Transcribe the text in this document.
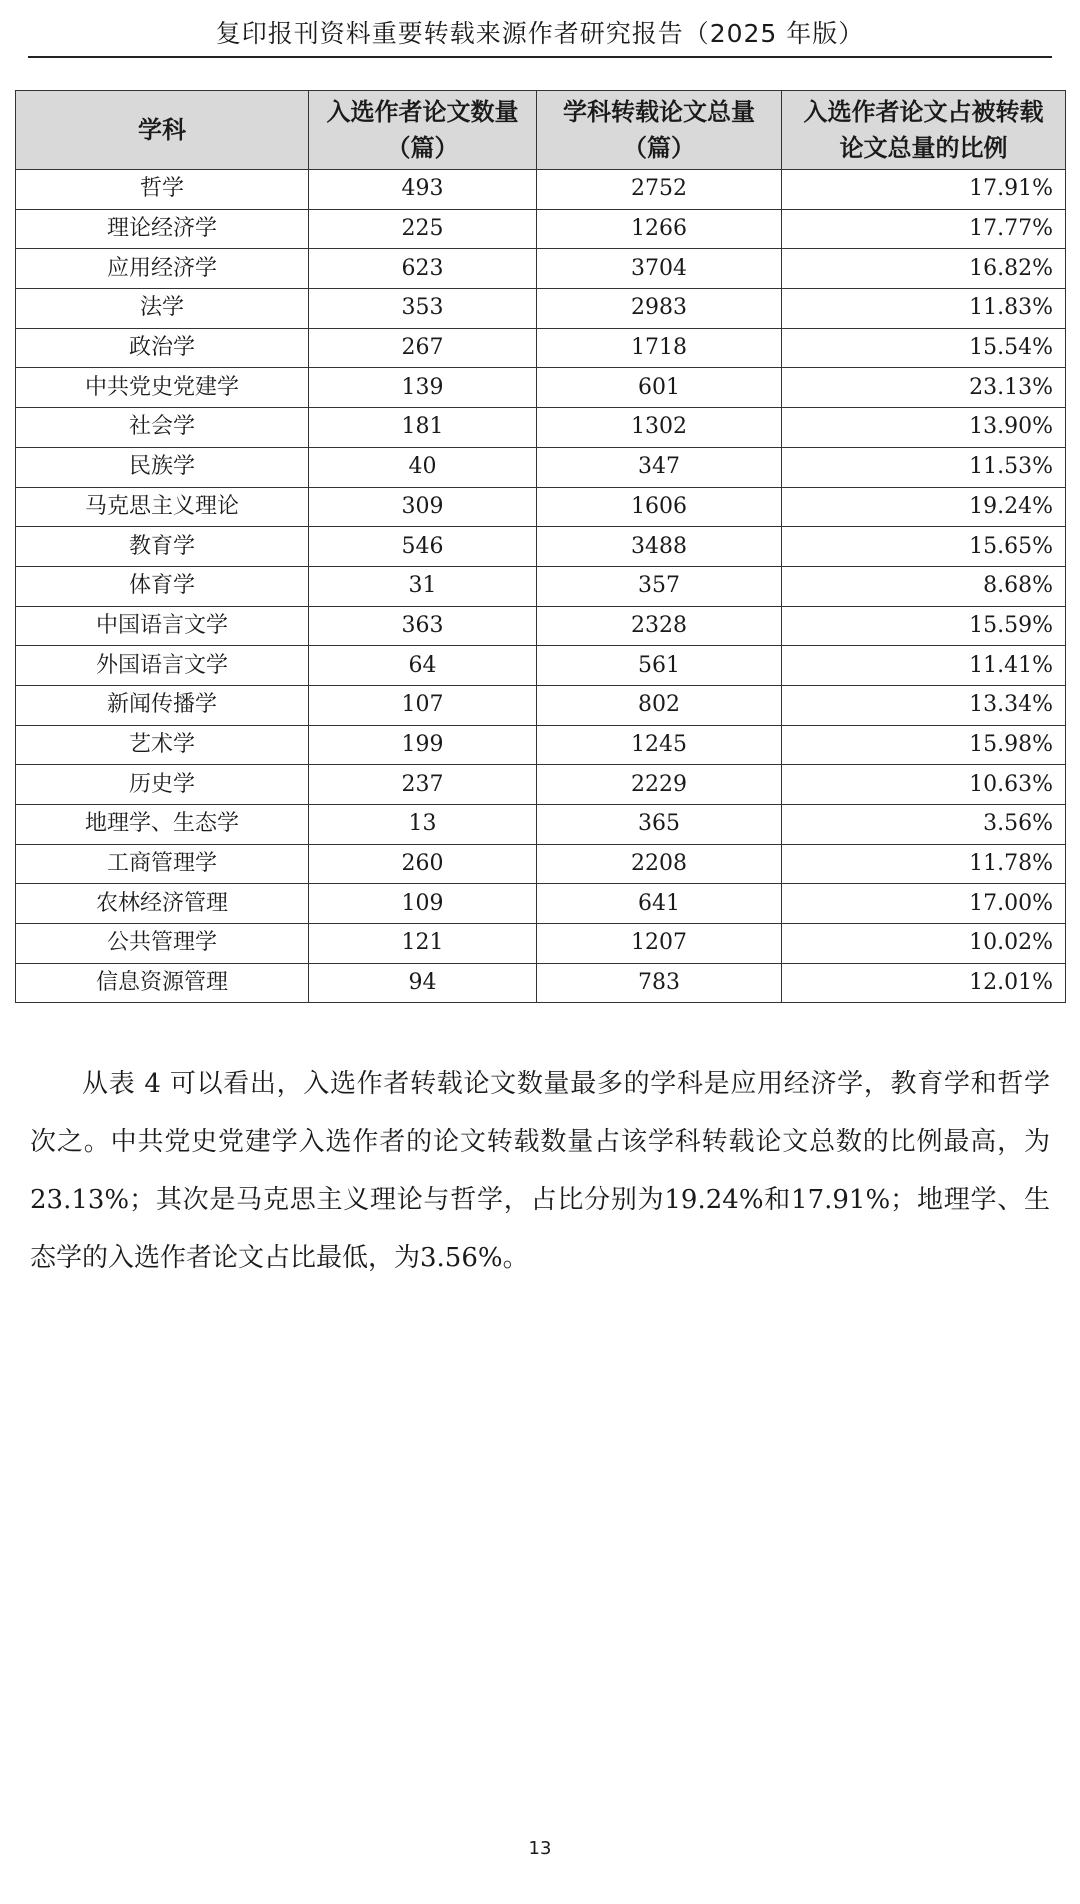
复印报刊资料重要转载来源作者研究报告（2025 年版）
学科	入选作者论文数量（篇）	学科转载论文总量（篇）	入选作者论文占被转载论文总量的比例
哲学	493	2752	17.91%
理论经济学	225	1266	17.77%
应用经济学	623	3704	16.82%
法学	353	2983	11.83%
政治学	267	1718	15.54%
中共党史党建学	139	601	23.13%
社会学	181	1302	13.90%
民族学	40	347	11.53%
马克思主义理论	309	1606	19.24%
教育学	546	3488	15.65%
体育学	31	357	8.68%
中国语言文学	363	2328	15.59%
外国语言文学	64	561	11.41%
新闻传播学	107	802	13.34%
艺术学	199	1245	15.98%
历史学	237	2229	10.63%
地理学、生态学	13	365	3.56%
工商管理学	260	2208	11.78%
农林经济管理	109	641	17.00%
公共管理学	121	1207	10.02%
信息资源管理	94	783	12.01%

从表 4 可以看出，入选作者转载论文数量最多的学科是应用经济学，教育学和哲学次之。中共党史党建学入选作者的论文转载数量占该学科转载论文总数的比例最高，为23.13%；其次是马克思主义理论与哲学，占比分别为19.24%和17.91%；地理学、生态学的入选作者论文占比最低，为3.56%。

13
